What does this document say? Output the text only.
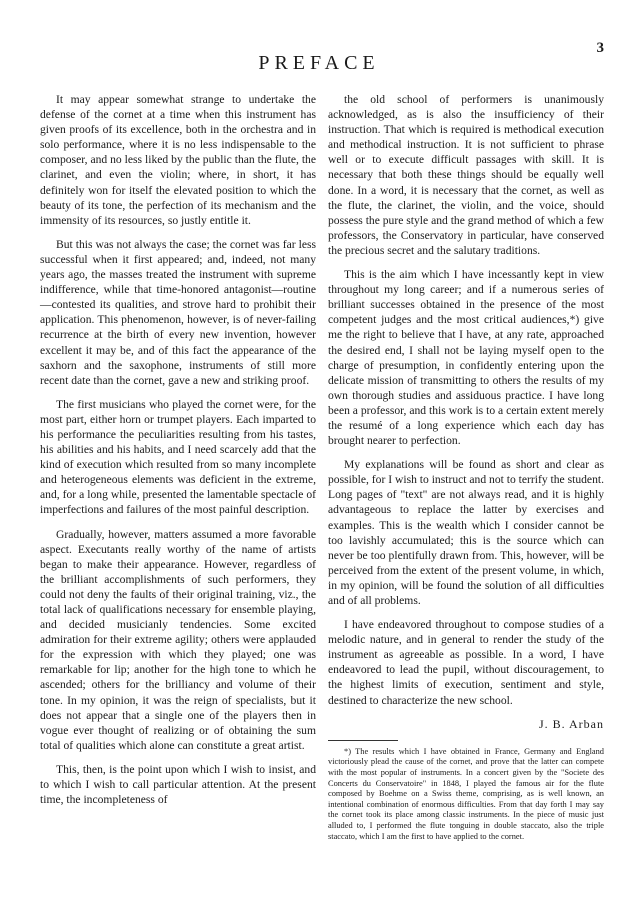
3
PREFACE

It may appear somewhat strange to undertake the defense of the cornet at a time when this instrument has given proofs of its excellence, both in the orchestra and in solo performance, where it is no less indispensable to the composer, and no less liked by the public than the flute, the clarinet, and even the violin; where, in short, it has definitely won for itself the elevated position to which the beauty of its tone, the perfection of its mechanism and the immensity of its resources, so justly entitle it.

But this was not always the case; the cornet was far less successful when it first appeared; and, indeed, not many years ago, the masses treated the instrument with supreme indifference, while that time-honored antagonist—routine—contested its qualities, and strove hard to prohibit their application. This phenomenon, however, is of never-failing recurrence at the birth of every new invention, however excellent it may be, and of this fact the appearance of the saxhorn and the saxophone, instruments of still more recent date than the cornet, gave a new and striking proof.

The first musicians who played the cornet were, for the most part, either horn or trumpet players. Each imparted to his performance the peculiarities resulting from his tastes, his abilities and his habits, and I need scarcely add that the kind of execution which resulted from so many incomplete and heterogeneous elements was deficient in the extreme, and, for a long while, presented the lamentable spectacle of imperfections and failures of the most painful description.

Gradually, however, matters assumed a more favorable aspect. Executants really worthy of the name of artists began to make their appearance. However, regardless of the brilliant accomplishments of such performers, they could not deny the faults of their original training, viz., the total lack of qualifications necessary for ensemble playing, and decided musicianly tendencies. Some excited admiration for their extreme agility; others were applauded for the expression with which they played; one was remarkable for lip; another for the high tone to which he ascended; others for the brilliancy and volume of their tone. In my opinion, it was the reign of specialists, but it does not appear that a single one of the players then in vogue ever thought of realizing or of obtaining the sum total of qualities which alone can constitute a great artist.

This, then, is the point upon which I wish to insist, and to which I wish to call particular attention. At the present time, the incompleteness of

the old school of performers is unanimously acknowledged, as is also the insufficiency of their instruction. That which is required is methodical execution and methodical instruction. It is not sufficient to phrase well or to execute difficult passages with skill. It is necessary that both these things should be equally well done. In a word, it is necessary that the cornet, as well as the flute, the clarinet, the violin, and the voice, should possess the pure style and the grand method of which a few professors, the Conservatory in particular, have conserved the precious secret and the salutary traditions.

This is the aim which I have incessantly kept in view throughout my long career; and if a numerous series of brilliant successes obtained in the presence of the most competent judges and the most critical audiences,*) give me the right to believe that I have, at any rate, approached the desired end, I shall not be laying myself open to the charge of presumption, in confidently entering upon the delicate mission of transmitting to others the results of my own thorough studies and assiduous practice. I have long been a professor, and this work is to a certain extent merely the resumé of a long experience which each day has brought nearer to perfection.

My explanations will be found as short and clear as possible, for I wish to instruct and not to terrify the student. Long pages of "text" are not always read, and it is highly advantageous to replace the latter by exercises and examples. This is the wealth which I consider cannot be too lavishly accumulated; this is the source which can never be too plentifully drawn from. This, however, will be perceived from the extent of the present volume, in which, in my opinion, will be found the solution of all difficulties and of all problems.

I have endeavored throughout to compose studies of a melodic nature, and in general to render the study of the instrument as agreeable as possible. In a word, I have endeavored to lead the pupil, without discouragement, to the highest limits of execution, sentiment and style, destined to characterize the new school.

J. B. Arban

*) The results which I have obtained in France, Germany and England victoriously plead the cause of the cornet, and prove that the latter can compete with the most popular of instruments. In a concert given by the "Societe des Concerts du Conservatoire" in 1848, I played the famous air for the flute composed by Boehme on a Swiss theme, comprising, as is well known, an intentional combination of enormous difficulties. From that day forth I may say the cornet took its place among classic instruments. In the piece of music just alluded to, I performed the flute tonguing in double staccato, also the triple staccato, which I am the first to have applied to the cornet.
